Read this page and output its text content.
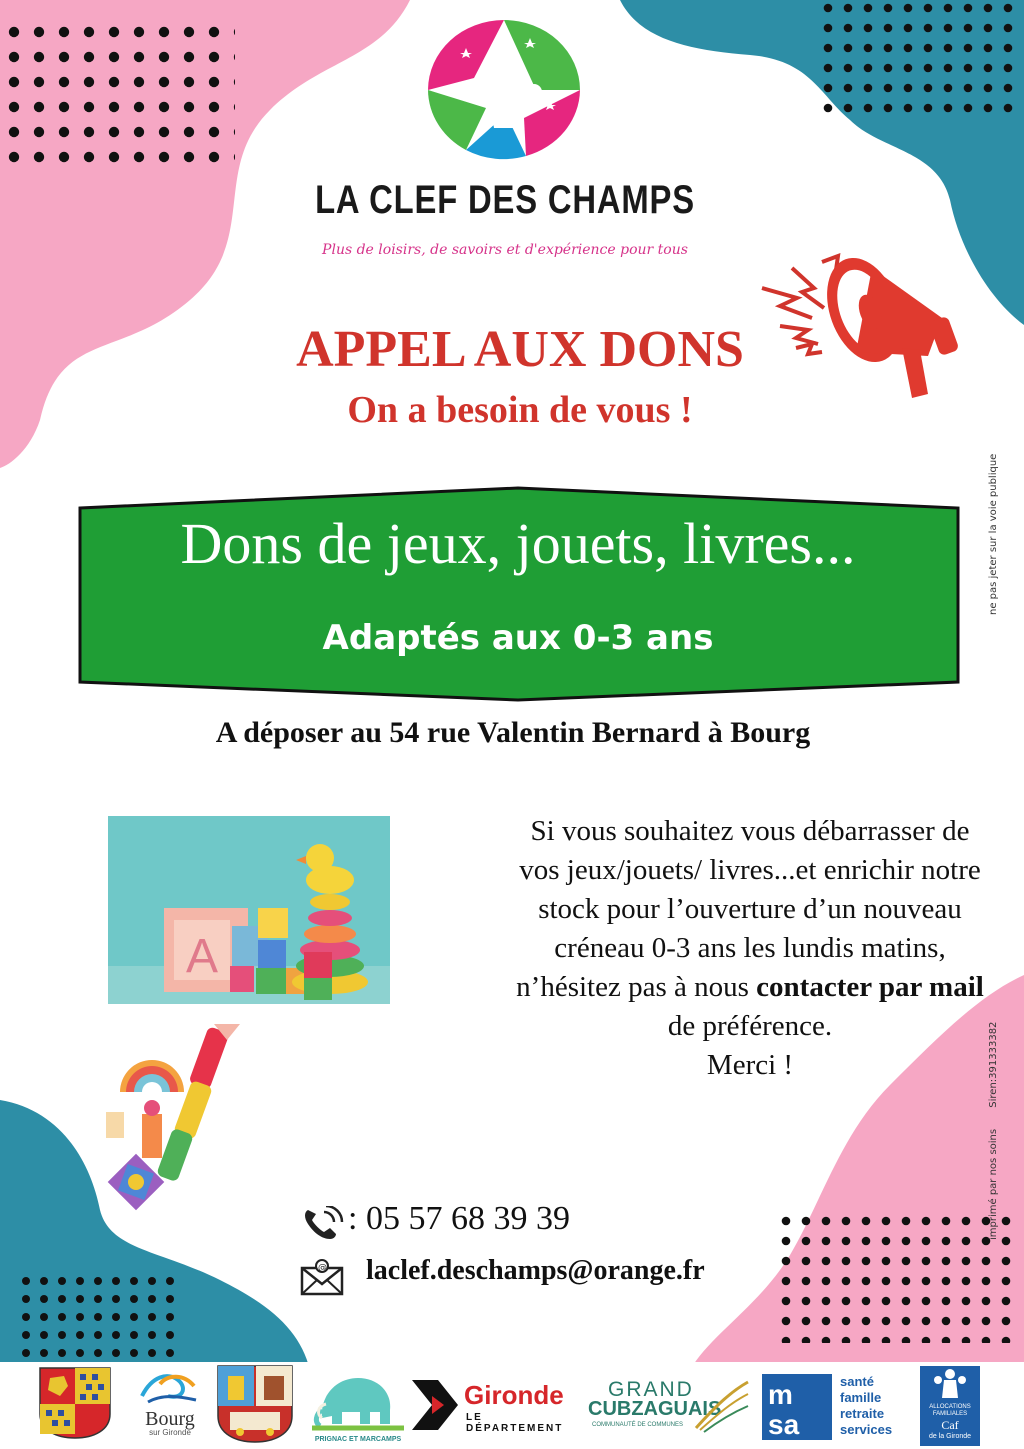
LA CLEF DES CHAMPS
Plus de loisirs, de savoirs et d'expérience pour tous
APPEL AUX DONS
On a besoin de vous !
Dons de jeux, jouets, livres...
Adaptés aux 0-3 ans
A déposer au 54 rue Valentin Bernard à Bourg
A
Si vous souhaitez vous débarrasser de vos jeux/jouets/ livres...et enrichir notre stock pour l’ouverture d’un nouveau créneau 0-3 ans les lundis matins, n’hésitez pas à nous contacter par mail de préférence.
Merci !
: 05 57 68 39 39
@ laclef.deschamps@orange.fr
imprimé par nos soins Siren:391333382
ne pas jeter sur la voie publique
Bourg
sur Gironde
PRIGNAC ET MARCAMPS
Gironde
LE DÉPARTEMENT
GRAND
CUBZAGUAIS
COMMUNAUTÉ DE COMMUNES
m
sa
santé
famille
retraite
services
ALLOCATIONS FAMILIALES
Caf
de la Gironde
